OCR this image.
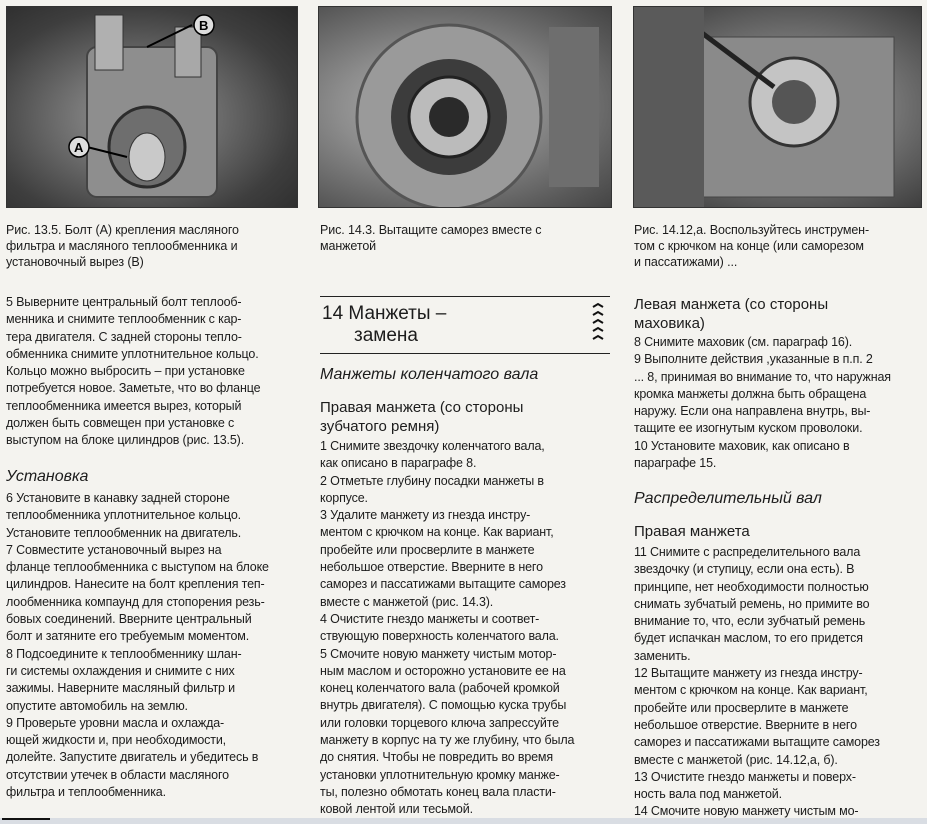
B
A
Рис. 13.5. Болт (А) крепления масляного
фильтра и масляного теплообменника и
установочный вырез (В)
Рис. 14.3. Вытащите саморез вместе с
манжетой
Рис. 14.12,а. Воспользуйтесь инструмен-
том с крючком на конце (или саморезом
и пассатижами) ...

5 Выверните центральный болт теплооб-

менника и снимите теплообменник с кар-

тера двигателя. С задней стороны тепло-

обменника снимите уплотнительное кольцо.

Кольцо можно выбросить – при установке

потребуется новое. Заметьте, что во фланце

теплообменника имеется вырез, который

должен быть совмещен при установке с

выступом на блоке цилиндров (рис. 13.5).

Установка

6 Установите в канавку задней стороне

теплообменника уплотнительное кольцо.

Установите теплообменник на двигатель.

7 Совместите установочный вырез на

фланце теплообменника с выступом на блоке

цилиндров. Нанесите на болт крепления теп-

лообменника компаунд для стопорения резь-

бовых соединений. Вверните центральный

болт и затяните его требуемым моментом.

8 Подсоедините к теплообменнику шлан-

ги системы охлаждения и снимите с них

зажимы. Наверните масляный фильтр и

опустите автомобиль на землю.

9 Проверьте уровни масла и охлажда-

ющей жидкости и, при необходимости,

долейте. Запустите двигатель и убедитесь в

отсутствии утечек в области масляного

фильтра и теплообменника.

14 Манжеты –
замена
Манжеты коленчатого вала
Правая манжета (со стороны
зубчатого ремня)

1 Снимите звездочку коленчатого вала,

как описано в параграфе 8.

2 Отметьте глубину посадки манжеты в

корпусе.

3 Удалите манжету из гнезда инстру-

ментом с крючком на конце. Как вариант,

пробейте или просверлите в манжете

небольшое отверстие. Вверните в него

саморез и пассатижами вытащите саморез

вместе с манжетой (рис. 14.3).

4 Очистите гнездо манжеты и соответ-

ствующую поверхность коленчатого вала.

5 Смочите новую манжету чистым мотор-

ным маслом и осторожно установите ее на

конец коленчатого вала (рабочей кромкой

внутрь двигателя). С помощью куска трубы

или головки торцевого ключа запрессуйте

манжету в корпус на ту же глубину, что была

до снятия. Чтобы не повредить во время

установки уплотнительную кромку манже-

ты, полезно обмотать конец вала пласти-

ковой лентой или тесьмой.

Левая манжета (со стороны
маховика)

8 Снимите маховик (см. параграф 16).

9 Выполните действия ,указанные в п.п. 2

... 8, принимая во внимание то, что наружная

кромка манжеты должна быть обращена

наружу. Если она направлена внутрь, вы-

тащите ее изогнутым куском проволоки.

10 Установите маховик, как описано в

параграфе 15.

Распределительный вал
Правая манжета

11 Снимите с распределительного вала

звездочку (и ступицу, если она есть). В

принципе, нет необходимости полностью

снимать зубчатый ремень, но примите во

внимание то, что, если зубчатый ремень

будет испачкан маслом, то его придется

заменить.

12 Вытащите манжету из гнезда инстру-

ментом с крючком на конце. Как вариант,

пробейте или просверлите в манжете

небольшое отверстие. Вверните в него

саморез и пассатижами вытащите саморез

вместе с манжетой (рис. 14.12,а, б).

13 Очистите гнездо манжеты и поверх-

ность вала под манжетой.

14 Смочите новую манжету чистым мо-
